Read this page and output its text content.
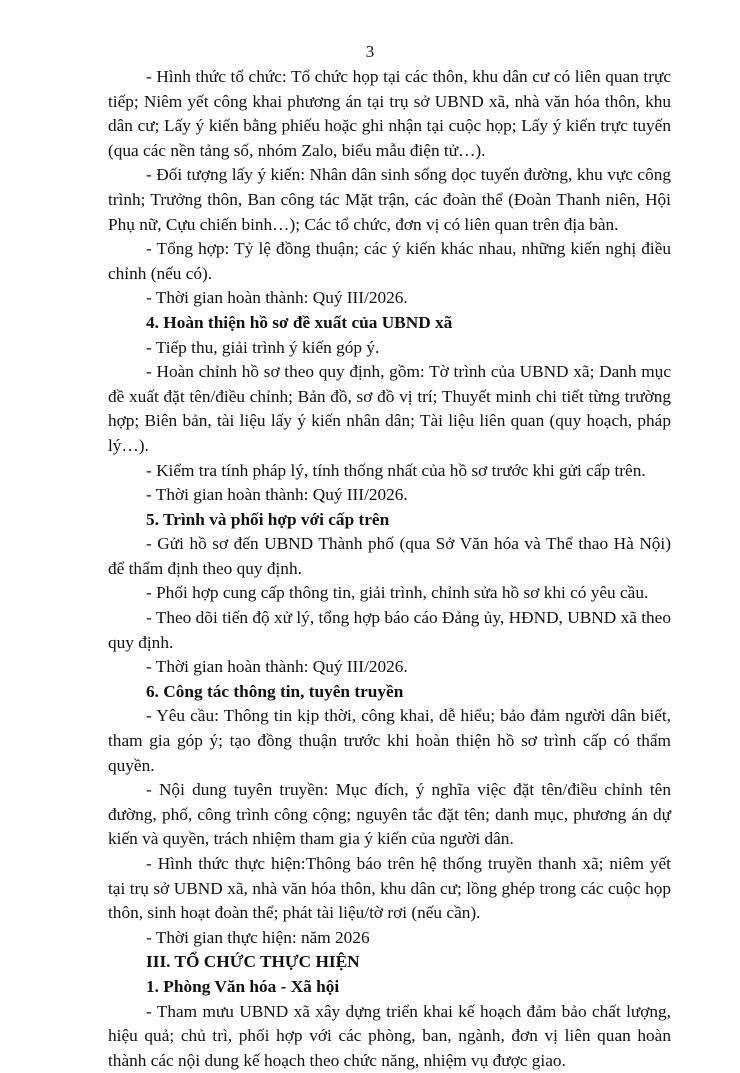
3

- Hình thức tổ chức: Tổ chức họp tại các thôn, khu dân cư có liên quan trực tiếp; Niêm yết công khai phương án tại trụ sở UBND xã, nhà văn hóa thôn, khu dân cư; Lấy ý kiến bằng phiếu hoặc ghi nhận tại cuộc họp; Lấy ý kiến trực tuyến (qua các nền tảng số, nhóm Zalo, biểu mẫu điện tử…).

- Đối tượng lấy ý kiến: Nhân dân sinh sống dọc tuyến đường, khu vực công trình; Trưởng thôn, Ban công tác Mặt trận, các đoàn thể (Đoàn Thanh niên, Hội Phụ nữ, Cựu chiến binh…); Các tổ chức, đơn vị có liên quan trên địa bàn.

- Tổng hợp: Tỷ lệ đồng thuận; các ý kiến khác nhau, những kiến nghị điều chỉnh (nếu có).

- Thời gian hoàn thành: Quý III/2026.

4. Hoàn thiện hồ sơ đề xuất của UBND xã

- Tiếp thu, giải trình ý kiến góp ý.

- Hoàn chỉnh hồ sơ theo quy định, gồm: Tờ trình của UBND xã; Danh mục đề xuất đặt tên/điều chỉnh; Bản đồ, sơ đồ vị trí; Thuyết minh chi tiết từng trường hợp; Biên bản, tài liệu lấy ý kiến nhân dân; Tài liệu liên quan (quy hoạch, pháp lý…).

- Kiểm tra tính pháp lý, tính thống nhất của hồ sơ trước khi gửi cấp trên.

- Thời gian hoàn thành: Quý III/2026.

5. Trình và phối hợp với cấp trên

- Gửi hồ sơ đến UBND Thành phố (qua Sở Văn hóa và Thể thao Hà Nội) để thẩm định theo quy định.

- Phối hợp cung cấp thông tin, giải trình, chỉnh sửa hồ sơ khi có yêu cầu.

- Theo dõi tiến độ xử lý, tổng hợp báo cáo Đảng ủy, HĐND, UBND xã theo quy định.

- Thời gian hoàn thành: Quý III/2026.

6. Công tác thông tin, tuyên truyền

- Yêu cầu: Thông tin kịp thời, công khai, dễ hiểu; bảo đảm người dân biết, tham gia góp ý; tạo đồng thuận trước khi hoàn thiện hồ sơ trình cấp có thẩm quyền.

- Nội dung tuyên truyền: Mục đích, ý nghĩa việc đặt tên/điều chỉnh tên đường, phố, công trình công cộng; nguyên tắc đặt tên; danh mục, phương án dự kiến và quyền, trách nhiệm tham gia ý kiến của người dân.

- Hình thức thực hiện:Thông báo trên hệ thống truyền thanh xã; niêm yết tại trụ sở UBND xã, nhà văn hóa thôn, khu dân cư; lồng ghép trong các cuộc họp thôn, sinh hoạt đoàn thể; phát tài liệu/tờ rơi (nếu cần).

- Thời gian thực hiện: năm 2026

III. TỔ CHỨC THỰC HIỆN

1. Phòng Văn hóa - Xã hội

- Tham mưu UBND xã xây dựng triển khai kế hoạch đảm bảo chất lượng, hiệu quả; chủ trì, phối hợp với các phòng, ban, ngành, đơn vị liên quan hoàn thành các nội dung kế hoạch theo chức năng, nhiệm vụ được giao.
